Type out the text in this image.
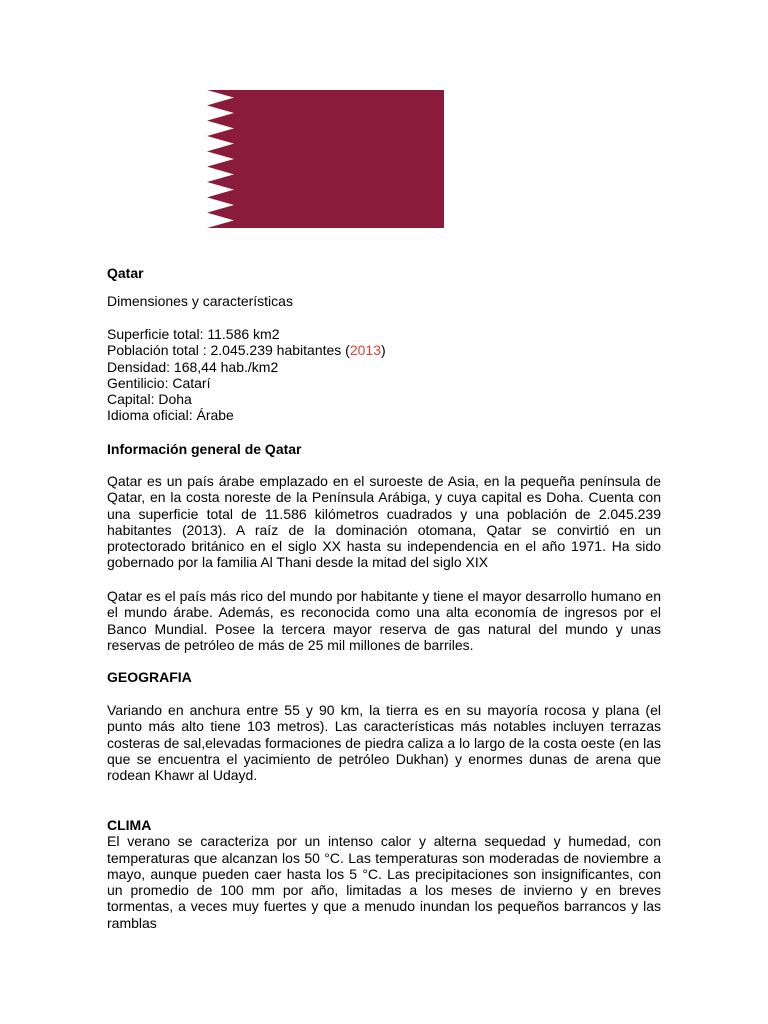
Qatar

Dimensiones y características

Superficie total: 11.586 km2
Población total : 2.045.239 habitantes (2013)
Densidad: 168,44 hab./km2
Gentilicio: Catarí
Capital: Doha
Idioma oficial: Árabe

Información general de Qatar

Qatar es un país árabe emplazado en el suroeste de Asia, en la pequeña península de Qatar, en la costa noreste de la Península Arábiga, y cuya capital es Doha. Cuenta con una superficie total de 11.586 kilómetros cuadrados y una población de 2.045.239 habitantes (2013). A raíz de la dominación otomana, Qatar se convirtió en un protectorado británico en el siglo XX hasta su independencia en el año 1971. Ha sido gobernado por la familia Al Thani desde la mitad del siglo XIX

Qatar es el país más rico del mundo por habitante y tiene el mayor desarrollo humano en el mundo árabe. Además, es reconocida como una alta economía de ingresos por el Banco Mundial. Posee la tercera mayor reserva de gas natural del mundo y unas reservas de petróleo de más de 25 mil millones de barriles.

GEOGRAFIA

Variando en anchura entre 55 y 90 km, la tierra es en su mayoría rocosa y plana (el punto más alto tiene 103 metros). Las características más notables incluyen terrazas costeras de sal,elevadas formaciones de piedra caliza a lo largo de la costa oeste (en las que se encuentra el yacimiento de petróleo Dukhan) y enormes dunas de arena que rodean Khawr al Udayd.

CLIMA

El verano se caracteriza por un intenso calor y alterna sequedad y humedad, con temperaturas que alcanzan los 50 °C. Las temperaturas son moderadas de noviembre a mayo, aunque pueden caer hasta los 5 °C. Las precipitaciones son insignificantes, con un promedio de 100 mm por año, limitadas a los meses de invierno y en breves tormentas, a veces muy fuertes y que a menudo inundan los pequeños barrancos y las ramblas
